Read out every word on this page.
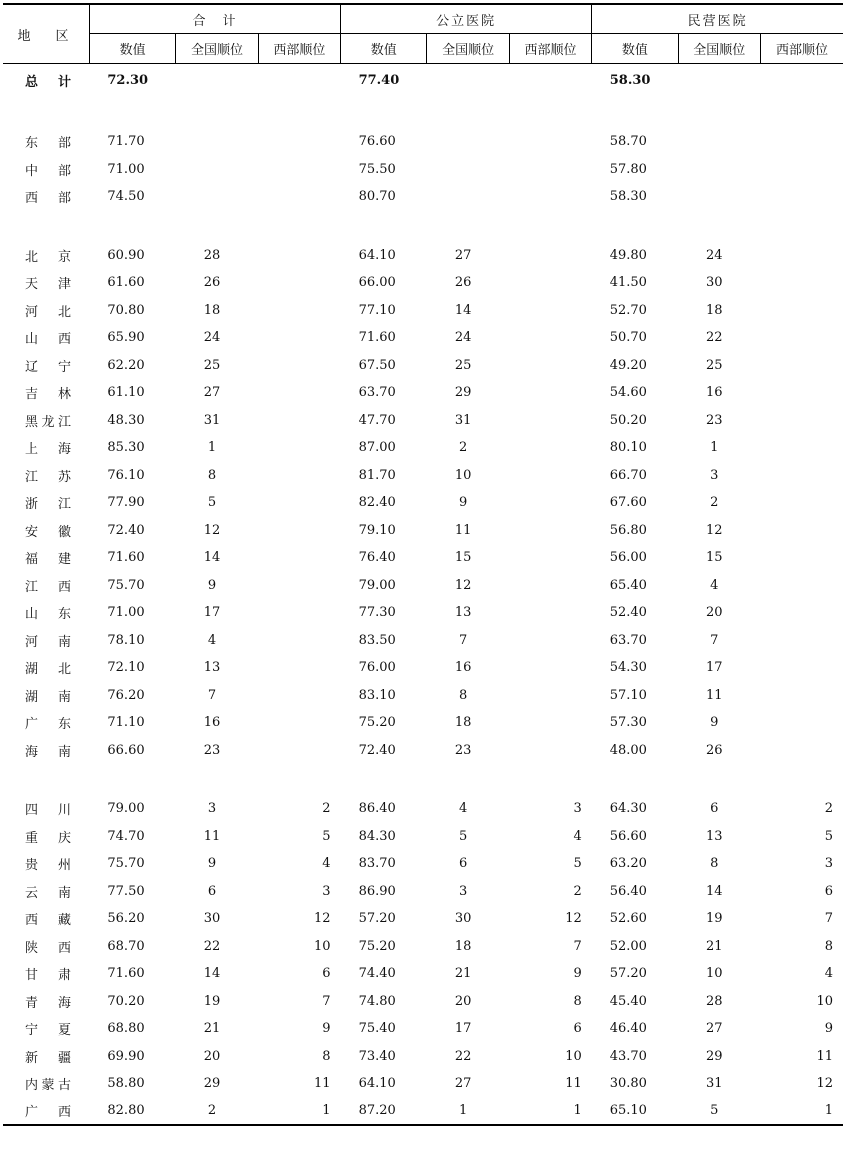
地　区	合　计			公立医院			民营医院		
	数值	全国顺位	西部顺位	数值	全国顺位	西部顺位	数值	全国顺位	西部顺位
总计	72.30			77.40			58.30		

东部	71.70			76.60			58.70		
中部	71.00			75.50			57.80		
西部	74.50			80.70			58.30		

北京	60.90	28		64.10	27		49.80	24	
天津	61.60	26		66.00	26		41.50	30	
河北	70.80	18		77.10	14		52.70	18	
山西	65.90	24		71.60	24		50.70	22	
辽宁	62.20	25		67.50	25		49.20	25	
吉林	61.10	27		63.70	29		54.60	16	
黑龙江	48.30	31		47.70	31		50.20	23	
上海	85.30	1		87.00	2		80.10	1	
江苏	76.10	8		81.70	10		66.70	3	
浙江	77.90	5		82.40	9		67.60	2	
安徽	72.40	12		79.10	11		56.80	12	
福建	71.60	14		76.40	15		56.00	15	
江西	75.70	9		79.00	12		65.40	4	
山东	71.00	17		77.30	13		52.40	20	
河南	78.10	4		83.50	7		63.70	7	
湖北	72.10	13		76.00	16		54.30	17	
湖南	76.20	7		83.10	8		57.10	11	
广东	71.10	16		75.20	18		57.30	9	
海南	66.60	23		72.40	23		48.00	26	

四川	79.00	3	2	86.40	4	3	64.30	6	2
重庆	74.70	11	5	84.30	5	4	56.60	13	5
贵州	75.70	9	4	83.70	6	5	63.20	8	3
云南	77.50	6	3	86.90	3	2	56.40	14	6
西藏	56.20	30	12	57.20	30	12	52.60	19	7
陕西	68.70	22	10	75.20	18	7	52.00	21	8
甘肃	71.60	14	6	74.40	21	9	57.20	10	4
青海	70.20	19	7	74.80	20	8	45.40	28	10
宁夏	68.80	21	9	75.40	17	6	46.40	27	9
新疆	69.90	20	8	73.40	22	10	43.70	29	11
内蒙古	58.80	29	11	64.10	27	11	30.80	31	12
广西	82.80	2	1	87.20	1	1	65.10	5	1
